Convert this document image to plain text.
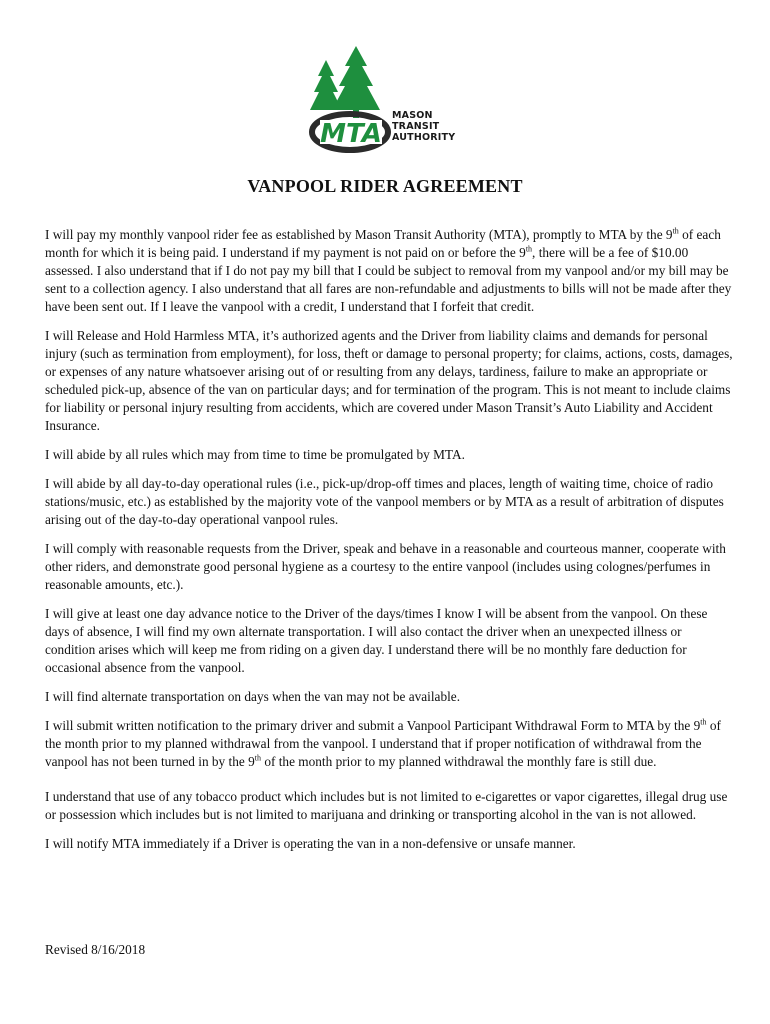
MTA
MASON
TRANSIT
AUTHORITY
VANPOOL RIDER AGREEMENT

I will pay my monthly vanpool rider fee as established by Mason Transit Authority (MTA), promptly to MTA by the 9th of each month for which it is being paid. I understand if my payment is not paid on or before the 9th, there will be a fee of $10.00 assessed. I also understand that if I do not pay my bill that I could be subject to removal from my vanpool and/or my bill may be sent to a collection agency. I also understand that all fares are non-refundable and adjustments to bills will not be made after they have been sent out. If I leave the vanpool with a credit, I understand that I forfeit that credit.

I will Release and Hold Harmless MTA, it’s authorized agents and the Driver from liability claims and demands for personal injury (such as termination from employment), for loss, theft or damage to personal property; for claims, actions, costs, damages, or expenses of any nature whatsoever arising out of or resulting from any delays, tardiness, failure to make an appropriate or scheduled pick-up, absence of the van on particular days; and for termination of the program. This is not meant to include claims for liability or personal injury resulting from accidents, which are covered under Mason Transit’s Auto Liability and Accident Insurance.

I will abide by all rules which may from time to time be promulgated by MTA.

I will abide by all day-to-day operational rules (i.e., pick-up/drop-off times and places, length of waiting time, choice of radio stations/music, etc.) as established by the majority vote of the vanpool members or by MTA as a result of arbitration of disputes arising out of the day-to-day operational vanpool rules.

I will comply with reasonable requests from the Driver, speak and behave in a reasonable and courteous manner, cooperate with other riders, and demonstrate good personal hygiene as a courtesy to the entire vanpool (includes using colognes/perfumes in reasonable amounts, etc.).

I will give at least one day advance notice to the Driver of the days/times I know I will be absent from the vanpool. On these days of absence, I will find my own alternate transportation. I will also contact the driver when an unexpected illness or condition arises which will keep me from riding on a given day. I understand there will be no monthly fare deduction for occasional absence from the vanpool.

I will find alternate transportation on days when the van may not be available.

I will submit written notification to the primary driver and submit a Vanpool Participant Withdrawal Form to MTA by the 9th of the month prior to my planned withdrawal from the vanpool. I understand that if proper notification of withdrawal from the vanpool has not been turned in by the 9th of the month prior to my planned withdrawal the monthly fare is still due.

I understand that use of any tobacco product which includes but is not limited to e-cigarettes or vapor cigarettes, illegal drug use or possession which includes but is not limited to marijuana and drinking or transporting alcohol in the van is not allowed.

I will notify MTA immediately if a Driver is operating the van in a non-defensive or unsafe manner.

Revised 8/16/2018
